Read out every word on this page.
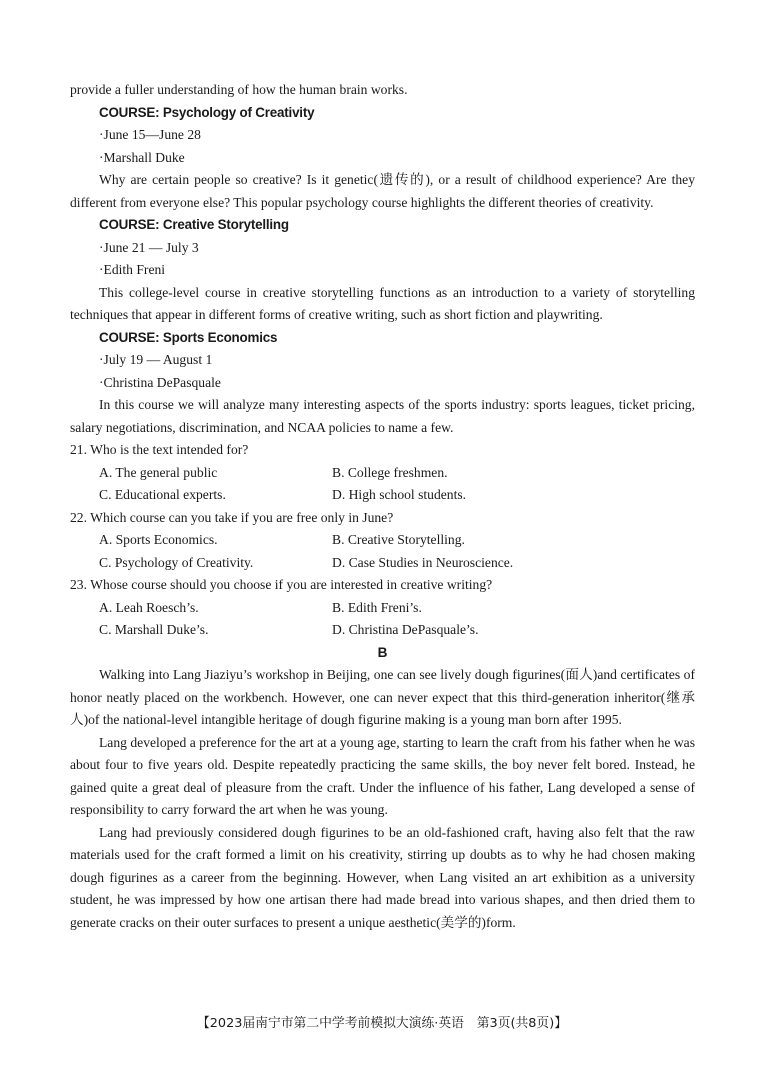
provide a fuller understanding of how the human brain works.
COURSE: Psychology of Creativity
·June 15—June 28
·Marshall Duke
Why are certain people so creative? Is it genetic(遗传的), or a result of childhood experience? Are they different from everyone else? This popular psychology course highlights the different theories of creativity.
COURSE: Creative Storytelling
·June 21 — July 3
·Edith Freni
This college-level course in creative storytelling functions as an introduction to a variety of storytelling techniques that appear in different forms of creative writing, such as short fiction and playwriting.
COURSE: Sports Economics
·July 19 — August 1
·Christina DePasquale
In this course we will analyze many interesting aspects of the sports industry: sports leagues, ticket pricing, salary negotiations, discrimination, and NCAA policies to name a few.
21. Who is the text intended for?
A. The general public	B. College freshmen.
C. Educational experts.	D. High school students.
22. Which course can you take if you are free only in June?
A. Sports Economics.	B. Creative Storytelling.
C. Psychology of Creativity.	D. Case Studies in Neuroscience.
23. Whose course should you choose if you are interested in creative writing?
A. Leah Roesch’s.	B. Edith Freni’s.
C. Marshall Duke’s.	D. Christina DePasquale’s.
B
Walking into Lang Jiaziyu’s workshop in Beijing, one can see lively dough figurines(面人)and certificates of honor neatly placed on the workbench. However, one can never expect that this third-generation inheritor(继承人)of the national-level intangible heritage of dough figurine making is a young man born after 1995.
Lang developed a preference for the art at a young age, starting to learn the craft from his father when he was about four to five years old. Despite repeatedly practicing the same skills, the boy never felt bored. Instead, he gained quite a great deal of pleasure from the craft. Under the influence of his father, Lang developed a sense of responsibility to carry forward the art when he was young.
Lang had previously considered dough figurines to be an old-fashioned craft, having also felt that the raw materials used for the craft formed a limit on his creativity, stirring up doubts as to why he had chosen making dough figurines as a career from the beginning. However, when Lang visited an art exhibition as a university student, he was impressed by how one artisan there had made bread into various shapes, and then dried them to generate cracks on their outer surfaces to present a unique aesthetic(美学的)form.
【2023届南宁市第二中学考前模拟大演练·英语　第3页(共8页)】
